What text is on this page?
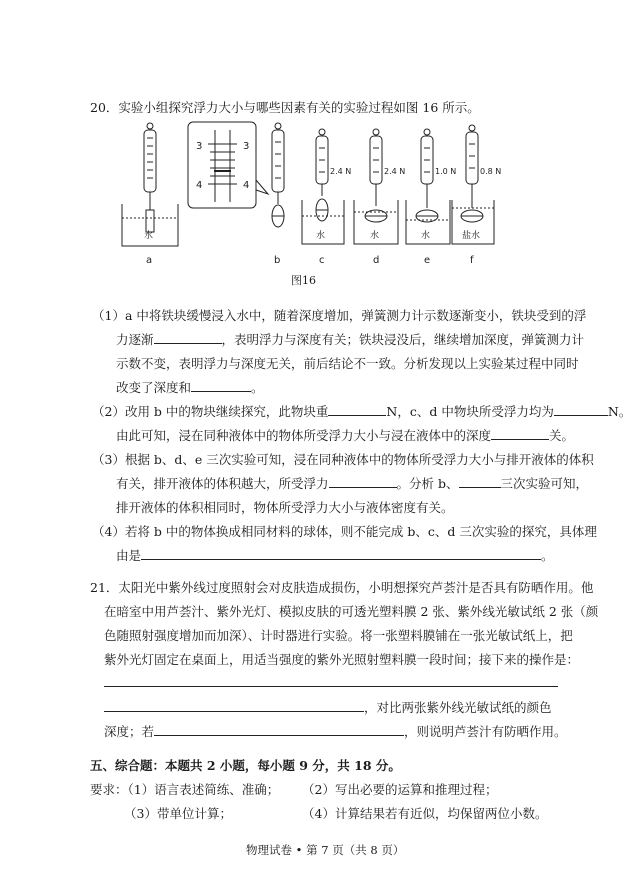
20．实验小组探究浮力大小与哪些因素有关的实验过程如图 16 所示。
3	3
4	4
2.4 N	2.4 N	1.0 N	0.8 N
水	水	水	水	盐水
a	b	c	d	e	f
图16
（1）a 中将铁块缓慢浸入水中，随着深度增加，弹簧测力计示数逐渐变小，铁块受到的浮
力逐渐	，表明浮力与深度有关；铁块浸没后，继续增加深度，弹簧测力计
示数不变，表明浮力与深度无关，前后结论不一致。分析发现以上实验某过程中同时
改变了深度和	。
（2）改用 b 中的物块继续探究，此物块重	N，c、d 中物块所受浮力均为	N。
由此可知，浸在同种液体中的物体所受浮力大小与浸在液体中的深度	关。
（3）根据 b、d、e 三次实验可知，浸在同种液体中的物体所受浮力大小与排开液体的体积
有关，排开液体的体积越大，所受浮力	。分析 b、	三次实验可知，
排开液体的体积相同时，物体所受浮力大小与液体密度有关。
（4）若将 b 中的物体换成相同材料的球体，则不能完成 b、c、d 三次实验的探究，具体理
由是	。
21．太阳光中紫外线过度照射会对皮肤造成损伤，小明想探究芦荟汁是否具有防晒作用。他
在暗室中用芦荟汁、紫外光灯、模拟皮肤的可透光塑料膜 2 张、紫外线光敏试纸 2 张（颜
色随照射强度增加而加深）、计时器进行实验。将一张塑料膜铺在一张光敏试纸上，把
紫外光灯固定在桌面上，用适当强度的紫外光照射塑料膜一段时间；接下来的操作是：
，对比两张紫外线光敏试纸的颜色
深度；若	，则说明芦荟汁有防晒作用。
五、综合题：本题共 2 小题，每小题 9 分，共 18 分。
要求：（1）语言表述简练、准确； （2）写出必要的运算和推理过程；
（3）带单位计算；	（4）计算结果若有近似，均保留两位小数。
物理试卷 • 第 7 页（共 8 页）
